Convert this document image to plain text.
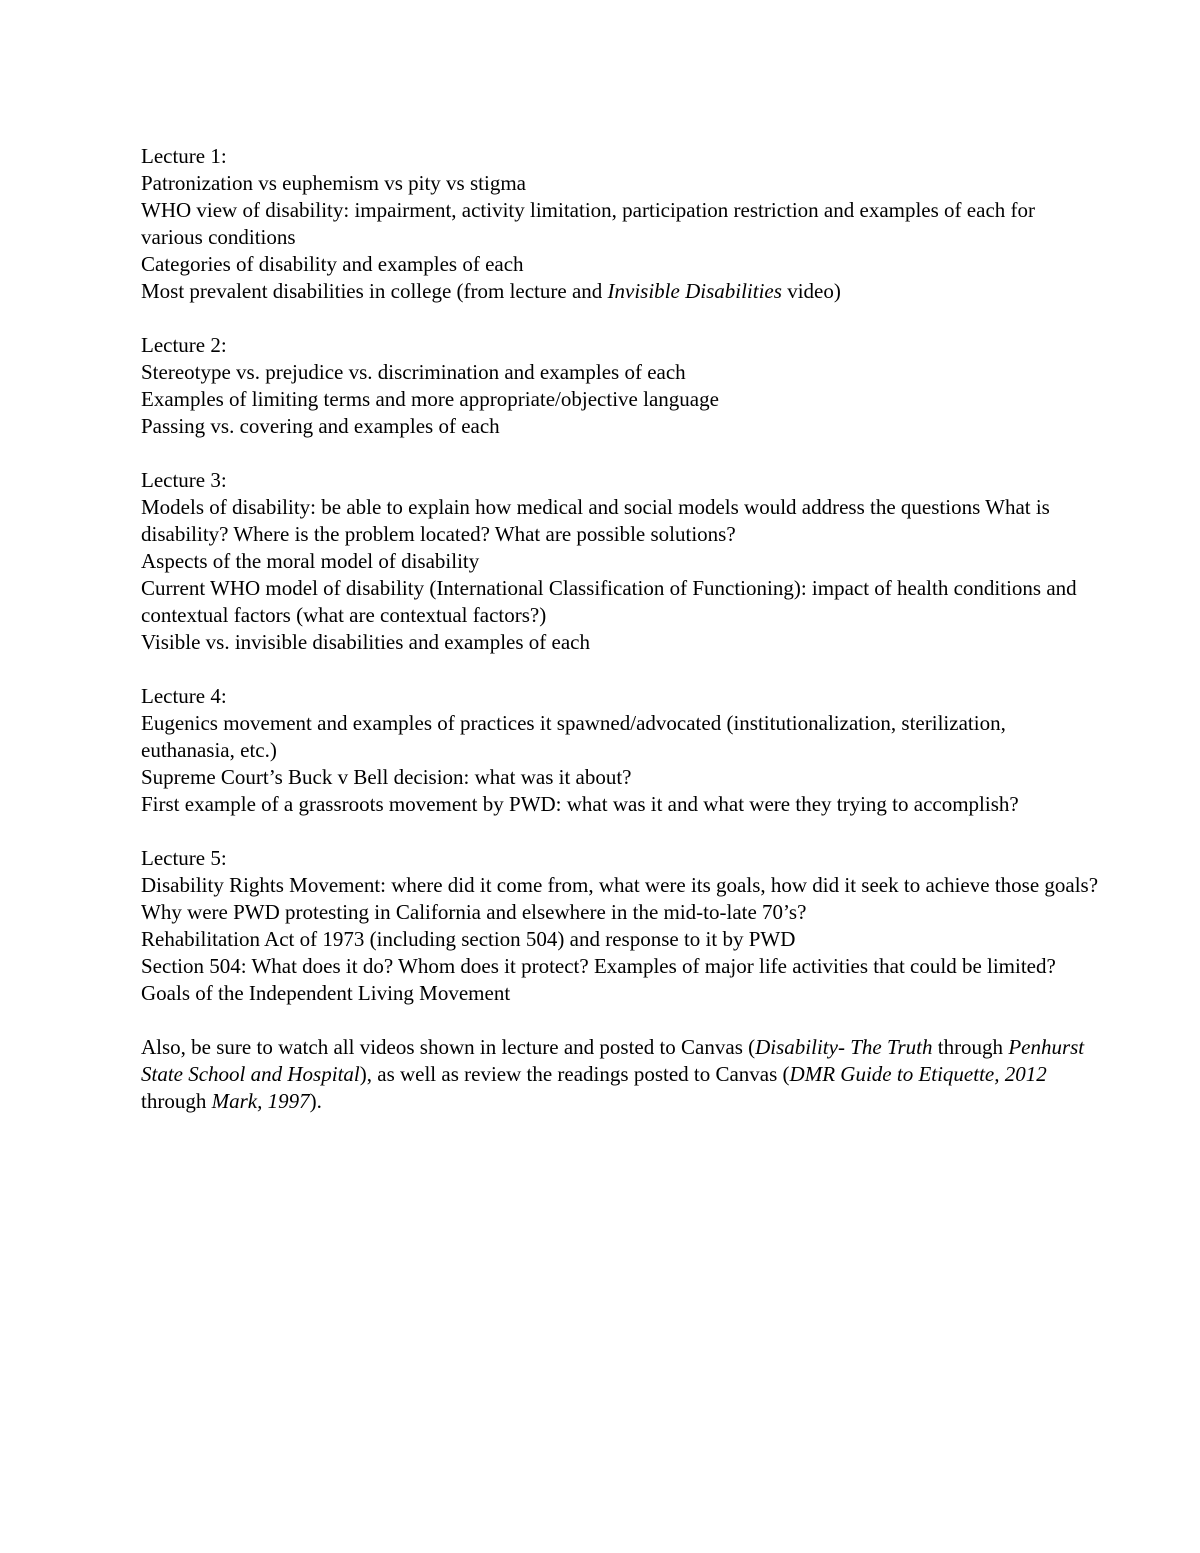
Lecture 1:
Patronization vs euphemism vs pity vs stigma
WHO view of disability: impairment, activity limitation, participation restriction and examples of each for various conditions
Categories of disability and examples of each
Most prevalent disabilities in college (from lecture and Invisible Disabilities video)
Lecture 2:
Stereotype vs. prejudice vs. discrimination and examples of each
Examples of limiting terms and more appropriate/objective language
Passing vs. covering and examples of each
Lecture 3:
Models of disability: be able to explain how medical and social models would address the questions What is disability? Where is the problem located? What are possible solutions?
Aspects of the moral model of disability
Current WHO model of disability (International Classification of Functioning): impact of health conditions and contextual factors (what are contextual factors?)
Visible vs. invisible disabilities and examples of each
Lecture 4:
Eugenics movement and examples of practices it spawned/advocated (institutionalization, sterilization, euthanasia, etc.)
Supreme Court’s Buck v Bell decision: what was it about?
First example of a grassroots movement by PWD: what was it and what were they trying to accomplish?
Lecture 5:
Disability Rights Movement: where did it come from, what were its goals, how did it seek to achieve those goals?
Why were PWD protesting in California and elsewhere in the mid-to-late 70’s?
Rehabilitation Act of 1973 (including section 504) and response to it by PWD
Section 504: What does it do? Whom does it protect? Examples of major life activities that could be limited?
Goals of the Independent Living Movement

Also, be sure to watch all videos shown in lecture and posted to Canvas (Disability- The Truth through Penhurst State School and Hospital), as well as review the readings posted to Canvas (DMR Guide to Etiquette, 2012 through Mark, 1997).
